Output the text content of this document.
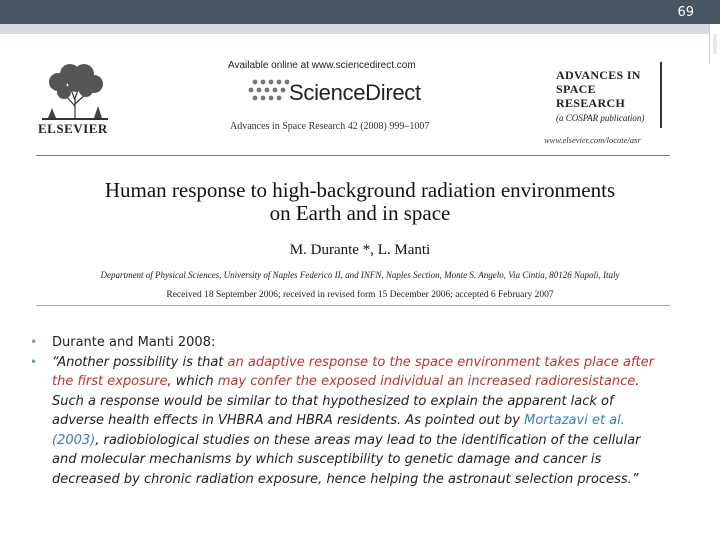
69
ELSEVIER
Available online at www.sciencedirect.com
ScienceDirect
Advances in Space Research 42 (2008) 999–1007
ADVANCES IN
SPACE
RESEARCH
(a COSPAR publication)
www.elsevier.com/locate/asr
Human response to high-background radiation environments
on Earth and in space
M. Durante *, L. Manti
Department of Physical Sciences, University of Naples Federico II, and INFN, Naples Section, Monte S. Angelo, Via Cintia, 80126 Napoli, Italy
Received 18 September 2006; received in revised form 15 December 2006; accepted 6 February 2007
• Durante and Manti 2008:
• “Another possibility is that an adaptive response to the space environment takes place after the first exposure, which may confer the exposed individual an increased radioresistance. Such a response would be similar to that hypothesized to explain the apparent lack of adverse health effects in VHBRA and HBRA residents. As pointed out by Mortazavi et al. (2003), radiobiological studies on these areas may lead to the identification of the cellular and molecular mechanisms by which susceptibility to genetic damage and cancer is decreased by chronic radiation exposure, hence helping the astronaut selection process.”
